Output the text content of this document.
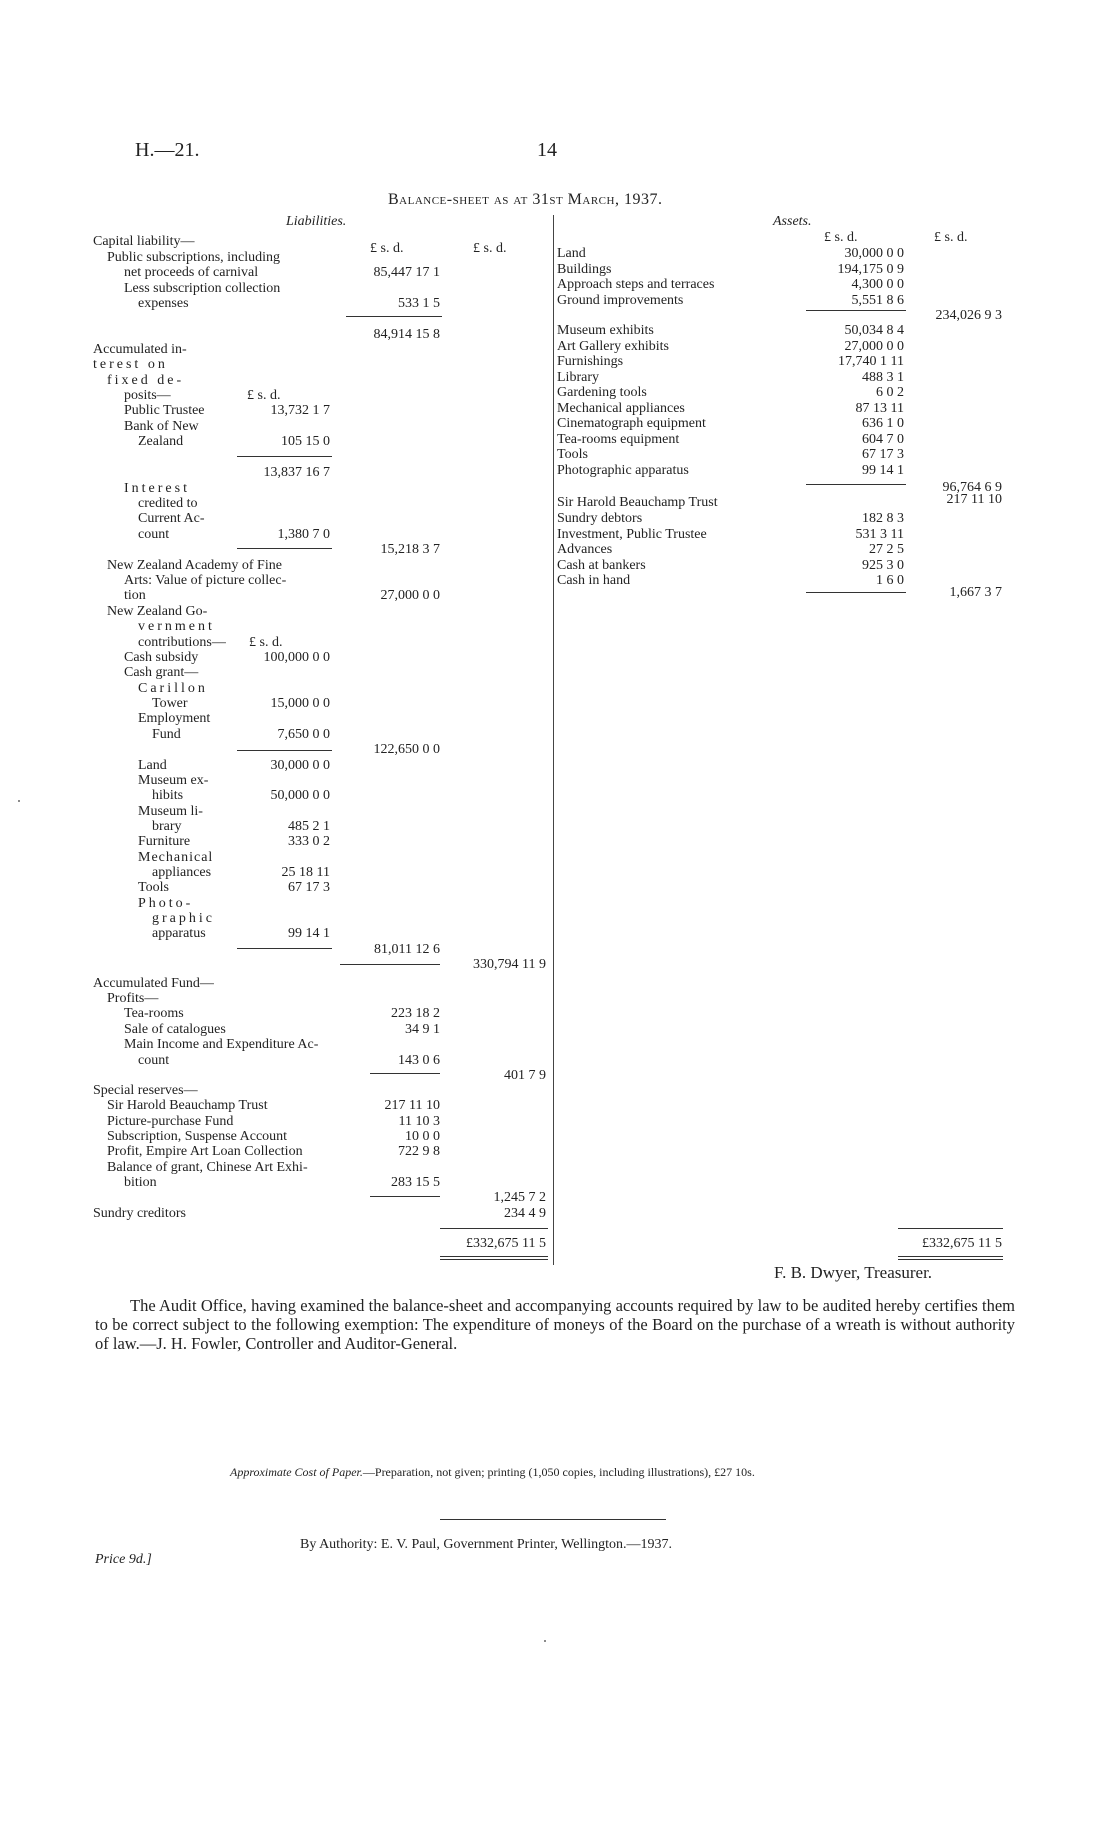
H.—21.	14
Balance-sheet as at 31st March, 1937.
Liabilities.
Capital liability—	£ s. d.	£ s. d.
Public subscriptions, including
net proceeds of carnival	85,447 17 1
Less subscription collection
expenses	533 1 5
84,914 15 8
Accumulated in-
terest on
fixed de-
posits—	£ s. d.
Public Trustee	13,732 1 7
Bank of New
Zealand	105 15 0
13,837 16 7
Interest
credited to
Current Ac-
count	1,380 7 0
15,218 3 7
New Zealand Academy of Fine
Arts: Value of picture collec-
tion	27,000 0 0
New Zealand Go-
vernment
contributions— £ s. d.
Cash subsidy	100,000 0 0
Cash grant—
Carillon
Tower	15,000 0 0
Employment
Fund	7,650 0 0
122,650 0 0
Land	30,000 0 0
Museum ex-
hibits	50,000 0 0
Museum li-
brary	485 2 1
Furniture	333 0 2
Mechanical
appliances	25 18 11
Tools	67 17 3
Photo-
graphic
apparatus	99 14 1
81,011 12 6
330,794 11 9
Accumulated Fund—
Profits—
Tea-rooms	223 18 2
Sale of catalogues	34 9 1
Main Income and Expenditure Ac-
count	143 0 6
401 7 9
Special reserves—
Sir Harold Beauchamp Trust	217 11 10
Picture-purchase Fund	11 10 3
Subscription, Suspense Account	10 0 0
Profit, Empire Art Loan Collection	722 9 8
Balance of grant, Chinese Art Exhi-
bition	283 15 5
1,245 7 2
Sundry creditors	234 4 9
£332,675 11 5
Assets.
£ s. d.	£ s. d.
Land	30,000 0 0
Buildings	194,175 0 9
Approach steps and terraces	4,300 0 0
Ground improvements	5,551 8 6
234,026 9 3
Museum exhibits	50,034 8 4
Art Gallery exhibits	27,000 0 0
Furnishings	17,740 1 11
Library	488 3 1
Gardening tools	6 0 2
Mechanical appliances	87 13 11
Cinematograph equipment	636 1 0
Tea-rooms equipment	604 7 0
Tools	67 17 3
Photographic apparatus	99 14 1
96,764 6 9
Sir Harold Beauchamp Trust	217 11 10
Sundry debtors	182 8 3
Investment, Public Trustee	531 3 11
Advances	27 2 5
Cash at bankers	925 3 0
Cash in hand	1 6 0
1,667 3 7
£332,675 11 5
F. B. Dwyer, Treasurer.
The Audit Office, having examined the balance-sheet and accompanying accounts required by law to be audited hereby certifies them to be correct subject to the following exemption: The expenditure of moneys of the Board on the purchase of a wreath is without authority of law.—J. H. Fowler, Controller and Auditor-General.
Approximate Cost of Paper.—Preparation, not given; printing (1,050 copies, including illustrations), £27 10s.
Price 9d.]
By Authority: E. V. Paul, Government Printer, Wellington.—1937.
